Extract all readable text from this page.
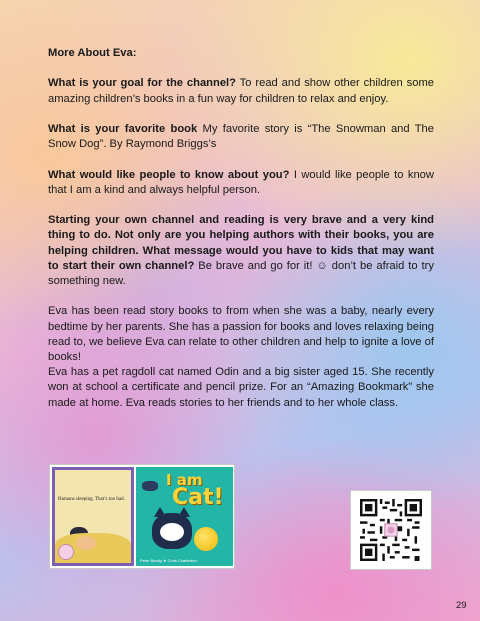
More About Eva:

What is your goal for the channel? To read and show other children some amazing children’s books in a fun way for children to relax and enjoy.

What is your favorite book My favorite story is “The Snowman and The Snow Dog”. By Raymond Briggs’s

What would like people to know about you? I would like people to know that I am a kind and always helpful person.

Starting your own channel and reading is very brave and a very kind thing to do. Not only are you helping authors with their books, you are helping children. What message would you have to kids that may want to start their own channel? Be brave and go for it! ☺ don’t be afraid to try something new.

Eva has been read story books to from when she was a baby, nearly every bedtime by her parents. She has a passion for books and loves relaxing being read to, we believe Eva can relate to other children and help to ignite a love of books!

Eva has a pet ragdoll cat named Odin and a big sister aged 15. She recently won at school a certificate and pencil prize. For an “Amazing Bookmark” she made at home. Eva reads stories to her friends and to her whole class.

Humans sleeping. That’s too bad.
I am
Cat!
Peter Bently ★ Chris Chatterton
29
